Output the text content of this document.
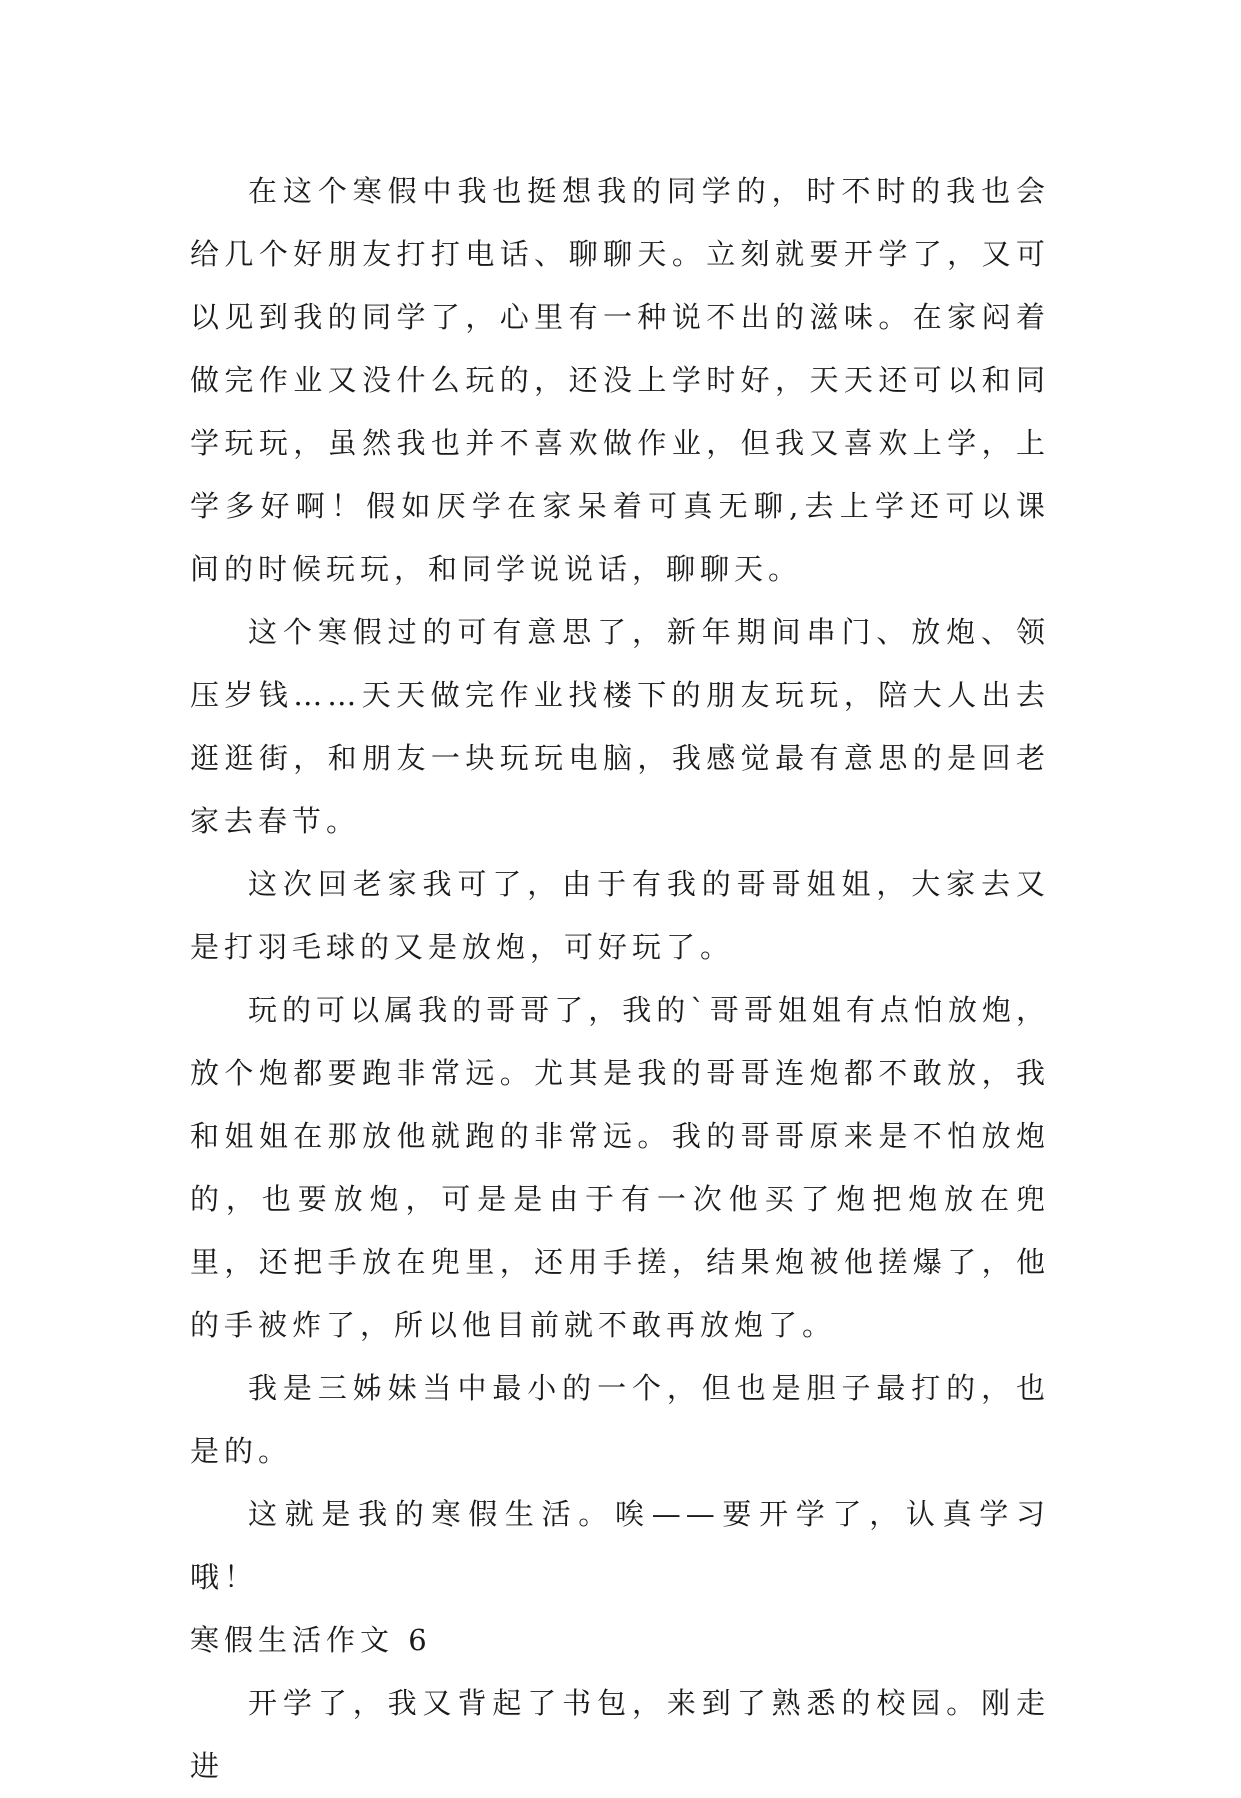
在这个寒假中我也挺想我的同学的，时不时的我也会给几个好朋友打打电话、聊聊天。立刻就要开学了，又可以见到我的同学了，心里有一种说不出的滋味。在家闷着做完作业又没什么玩的，还没上学时好，天天还可以和同学玩玩，虽然我也并不喜欢做作业，但我又喜欢上学，上学多好啊！假如厌学在家呆着可真无聊,去上学还可以课间的时候玩玩，和同学说说话，聊聊天。

这个寒假过的可有意思了，新年期间串门、放炮、领压岁钱……天天做完作业找楼下的朋友玩玩，陪大人出去逛逛街，和朋友一块玩玩电脑，我感觉最有意思的是回老家去春节。

这次回老家我可了，由于有我的哥哥姐姐，大家去又是打羽毛球的又是放炮，可好玩了。

玩的可以属我的哥哥了，我的`哥哥姐姐有点怕放炮，放个炮都要跑非常远。尤其是我的哥哥连炮都不敢放，我和姐姐在那放他就跑的非常远。我的哥哥原来是不怕放炮的，也要放炮，可是是由于有一次他买了炮把炮放在兜里，还把手放在兜里，还用手搓，结果炮被他搓爆了，他的手被炸了，所以他目前就不敢再放炮了。

我是三姊妹当中最小的一个，但也是胆子最打的，也是的。

这就是我的寒假生活。唉——要开学了，认真学习哦！

寒假生活作文 6

开学了，我又背起了书包，来到了熟悉的校园。刚走进
